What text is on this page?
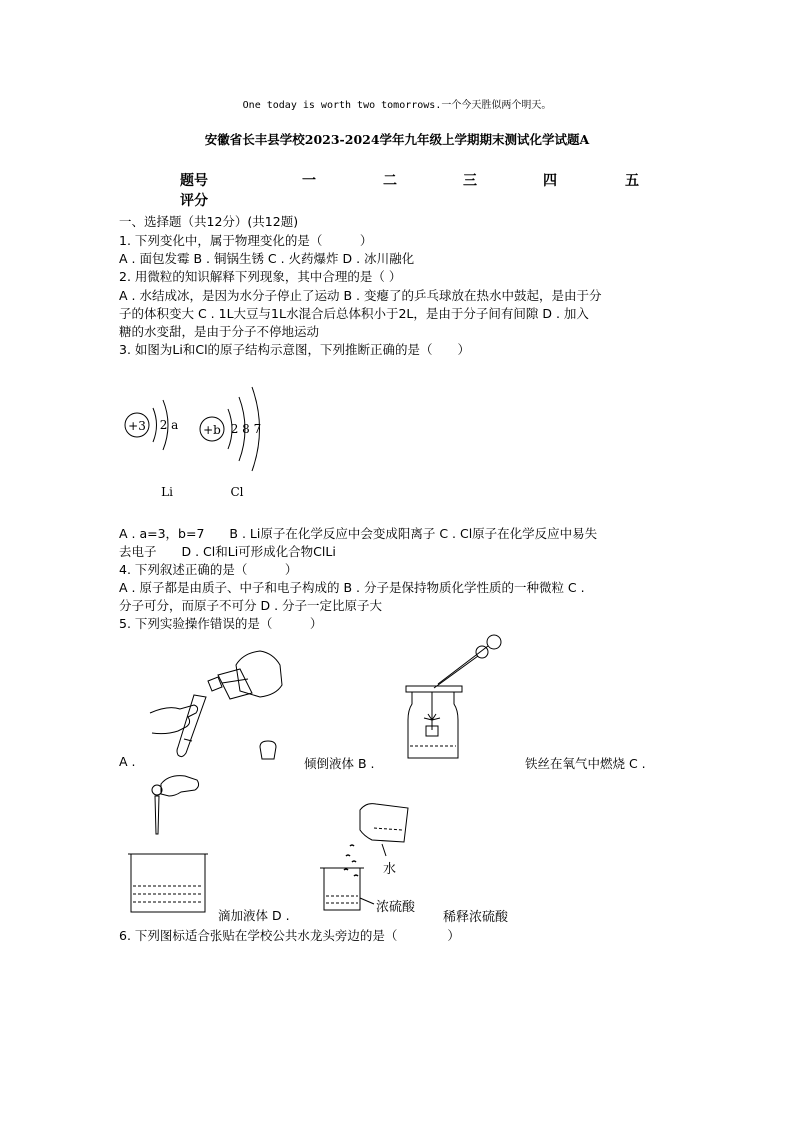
One today is worth two tomorrows.一个今天胜似两个明天。
安徽省长丰县学校2023-2024学年九年级上学期期末测试化学试题A
题号	一	二	三	四	五
评分
一、选择题（共12分）(共12题)
1. 下列变化中，属于物理变化的是（　　　）
A . 面包发霉 B . 铜锅生锈 C . 火药爆炸 D . 冰川融化
2. 用微粒的知识解释下列现象，其中合理的是（ ）
A . 水结成冰，是因为水分子停止了运动 B . 变瘪了的乒乓球放在热水中鼓起，是由于分
子的体积变大 C . 1L大豆与1L水混合后总体积小于2L，是由于分子间有间隙 D . 加入
糖的水变甜，是由于分子不停地运动
3. 如图为Li和Cl的原子结构示意图，下列推断正确的是（　　）
+3 2 a +b 2 8 7
Li	Cl
A . a=3，b=7　　B . Li原子在化学反应中会变成阳离子 C . Cl原子在化学反应中易失
去电子　　D . Cl和Li可形成化合物ClLi
4. 下列叙述正确的是（　　　）
A . 原子都是由质子、中子和电子构成的 B . 分子是保持物质化学性质的一种微粒 C .
分子可分，而原子不可分 D . 分子一定比原子大
5. 下列实验操作错误的是（　　　）
A .	倾倒液体 B .	铁丝在氧气中燃烧 C .
水
浓硫酸
滴加液体 D .	稀释浓硫酸
6. 下列图标适合张贴在学校公共水龙头旁边的是（　　　　）
